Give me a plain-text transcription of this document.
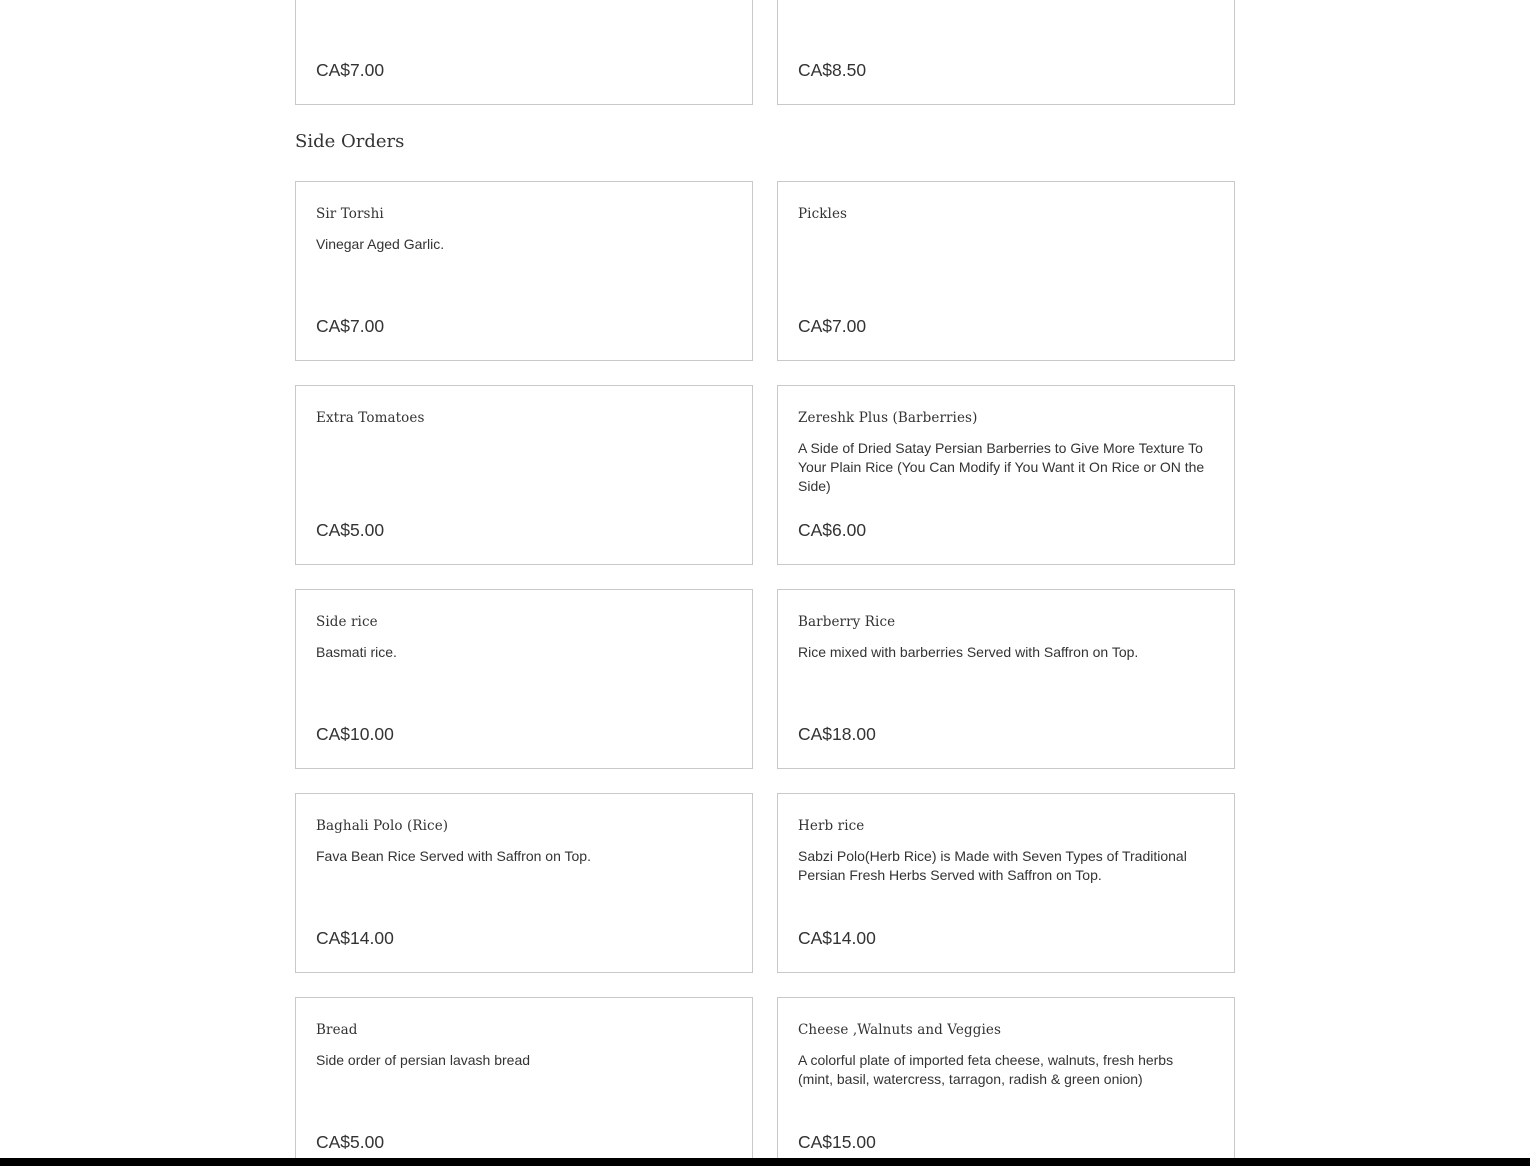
CA$7.00	CA$8.50
Side Orders
Sir Torshi
Vinegar Aged Garlic.
CA$7.00
Pickles
CA$7.00
Extra Tomatoes
CA$5.00
Zereshk Plus (Barberries)
A Side of Dried Satay Persian Barberries to Give More Texture To Your Plain Rice (You Can Modify if You Want it On Rice or ON the Side)
CA$6.00
Side rice
Basmati rice.
CA$10.00
Barberry Rice
Rice mixed with barberries Served with Saffron on Top.
CA$18.00
Baghali Polo (Rice)
Fava Bean Rice Served with Saffron on Top.
CA$14.00
Herb rice
Sabzi Polo(Herb Rice) is Made with Seven Types of Traditional Persian Fresh Herbs Served with Saffron on Top.
CA$14.00
Bread
Side order of persian lavash bread
CA$5.00
Cheese ,Walnuts and Veggies
A colorful plate of imported feta cheese, walnuts, fresh herbs (mint, basil, watercress, tarragon, radish & green onion)
CA$15.00
